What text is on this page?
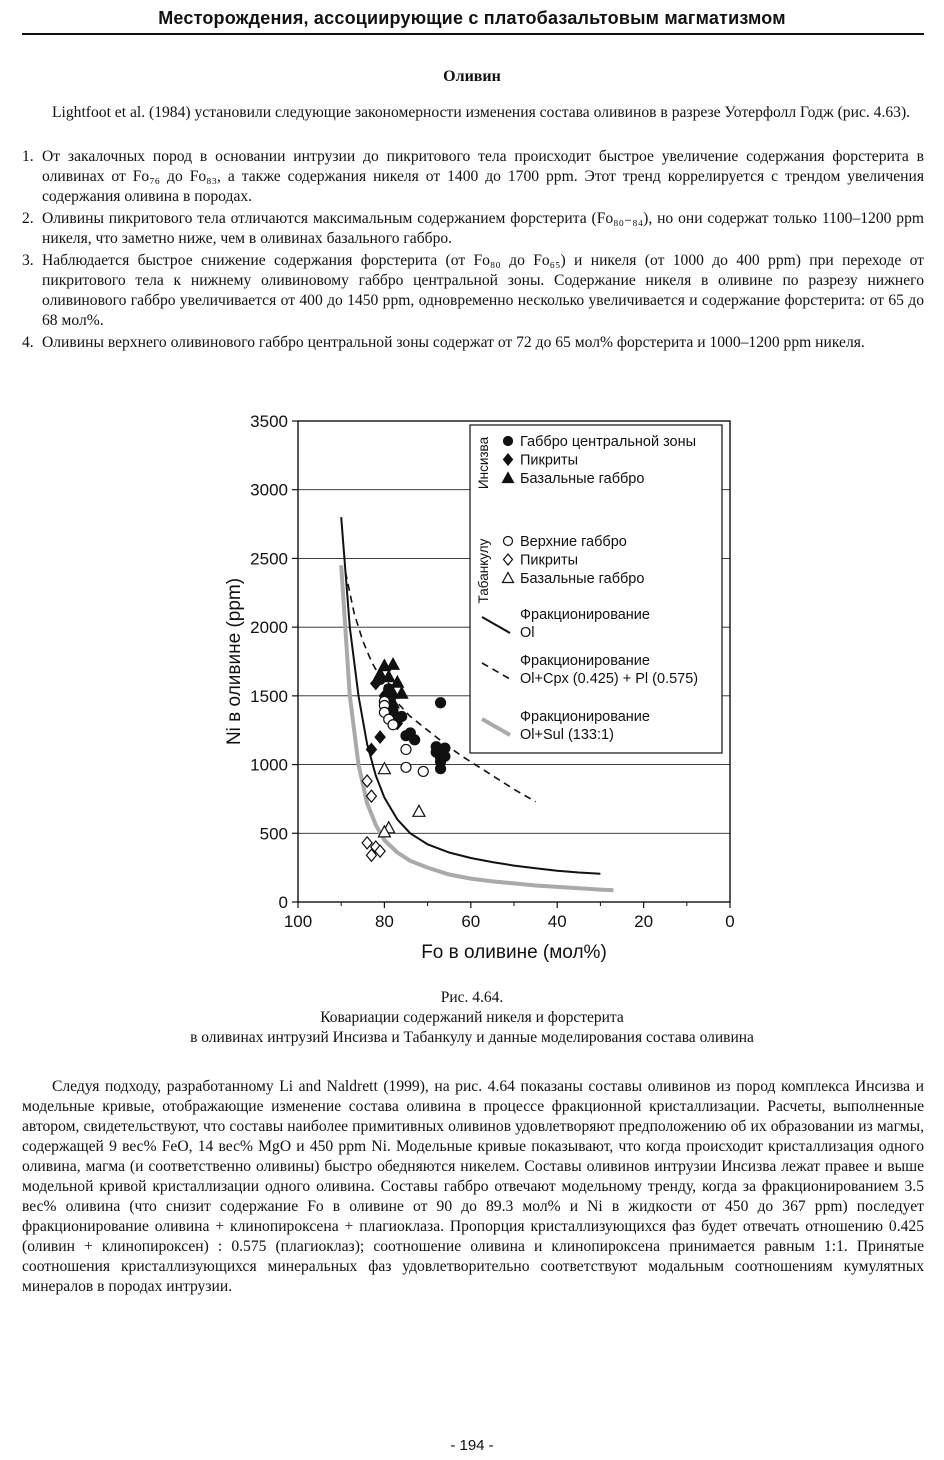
Месторождения, ассоциирующие с платобазальтовым магматизмом
Оливин
Lightfoot et al. (1984) установили следующие закономерности изменения состава оливинов в разрезе Уотерфолл Годж (рис. 4.63).
1. От закалочных пород в основании интрузии до пикритового тела происходит быстрое увеличение содержания форстерита в оливинах от Fo₇₆ до Fo₈₃, а также содержания никеля от 1400 до 1700 ppm. Этот тренд коррелируется с трендом увеличения содержания оливина в породах.
2. Оливины пикритового тела отличаются максимальным содержанием форстерита (Fo₈₀₋₈₄), но они содержат только 1100–1200 ppm никеля, что заметно ниже, чем в оливинах базального габбро.
3. Наблюдается быстрое снижение содержания форстерита (от Fo₈₀ до Fo₆₅) и никеля (от 1000 до 400 ppm) при переходе от пикритового тела к нижнему оливиновому габбро центральной зоны. Содержание никеля в оливине по разрезу нижнего оливинового габбро увеличивается от 400 до 1450 ppm, одновременно несколько увеличивается и содержание форстерита: от 65 до 68 мол%.
4. Оливины верхнего оливинового габбро центральной зоны содержат от 72 до 65 мол% форстерита и 1000–1200 ppm никеля.
0
500
1000
1500
2000
2500
3000
3500
100	80	60	40	20	0
Fo в оливине (мол%)
Ni в оливине (ppm)
Инсизва Габбро центральной зоны
Пикриты
Базальные габбро
Табанкулу Верхние габбро
Пикриты
Базальные габбро
Фракционирование
Ol
Фракционирование
Ol+Cpx (0.425) + Pl (0.575)
Фракционирование
Ol+Sul (133:1)
Рис. 4.64.
Ковариации содержаний никеля и форстерита
в оливинах интрузий Инсизва и Табанкулу и данные моделирования состава оливина
Следуя подходу, разработанному Li and Naldrett (1999), на рис. 4.64 показаны составы оливинов из пород комплекса Инсизва и модельные кривые, отображающие изменение состава оливина в процессе фракционной кристаллизации. Расчеты, выполненные автором, свидетельствуют, что составы наиболее примитивных оливинов удовлетворяют предположению об их образовании из магмы, содержащей 9 вес% FeO, 14 вес% MgO и 450 ppm Ni. Модельные кривые показывают, что когда происходит кристаллизация одного оливина, магма (и соответственно оливины) быстро обедняются никелем. Составы оливинов интрузии Инсизва лежат правее и выше модельной кривой кристаллизации одного оливина. Составы габбро отвечают модельному тренду, когда за фракционированием 3.5 вес% оливина (что снизит содержание Fo в оливине от 90 до 89.3 мол% и Ni в жидкости от 450 до 367 ppm) последует фракционирование оливина + клинопироксена + плагиоклаза. Пропорция кристаллизующихся фаз будет отвечать отношению 0.425 (оливин + клинопироксен) : 0.575 (плагиоклаз); соотношение оливина и клинопироксена принимается равным 1:1. Принятые соотношения кристаллизующихся минеральных фаз удовлетворительно соответствуют модальным соотношениям кумулятных минералов в породах интрузии.
- 194 -
